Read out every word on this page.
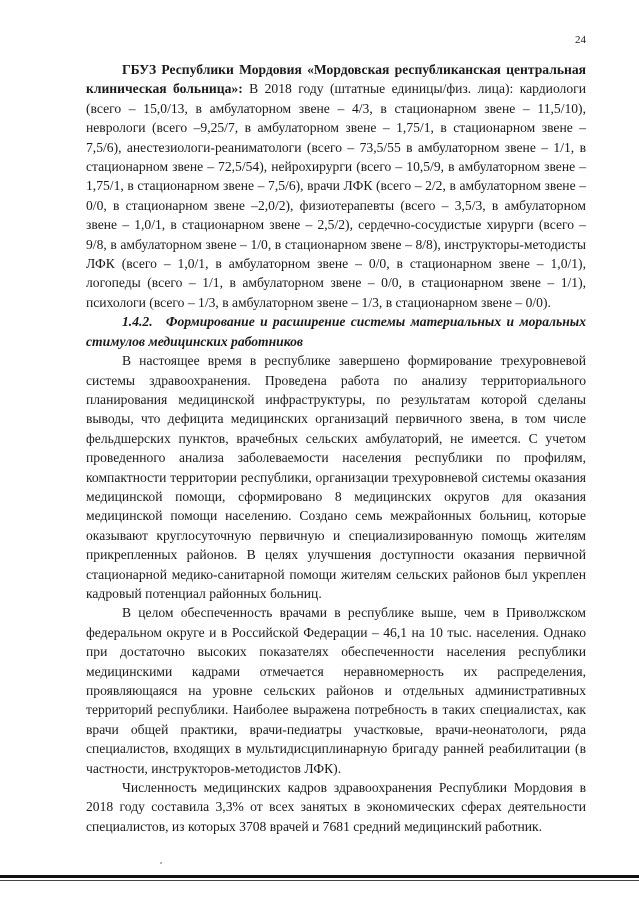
24

ГБУЗ Республики Мордовия «Мордовская республиканская центральная клиническая больница»: В 2018 году (штатные единицы/физ. лица): кардиологи (всего – 15,0/13, в амбулаторном звене – 4/3, в стационарном звене – 11,5/10), неврологи (всего –9,25/7, в амбулаторном звене – 1,75/1, в стационарном звене – 7,5/6), анестезиологи-реаниматологи (всего – 73,5/55 в амбулаторном звене – 1/1, в стационарном звене – 72,5/54), нейрохирурги (всего – 10,5/9, в амбулаторном звене – 1,75/1, в стационарном звене – 7,5/6), врачи ЛФК (всего – 2/2, в амбулаторном звене – 0/0, в стационарном звене –2,0/2), физиотерапевты (всего – 3,5/3, в амбулаторном звене – 1,0/1, в стационарном звене – 2,5/2), сердечно-сосудистые хирурги (всего – 9/8, в амбулаторном звене – 1/0, в стационарном звене – 8/8), инструкторы-методисты ЛФК (всего – 1,0/1, в амбулаторном звене – 0/0, в стационарном звене – 1,0/1), логопеды (всего – 1/1, в амбулаторном звене – 0/0, в стационарном звене – 1/1), психологи (всего – 1/3, в амбулаторном звене – 1/3, в стационарном звене – 0/0).

1.4.2. Формирование и расширение системы материальных и моральных стимулов медицинских работников

В настоящее время в республике завершено формирование трехуровневой системы здравоохранения. Проведена работа по анализу территориального планирования медицинской инфраструктуры, по результатам которой сделаны выводы, что дефицита медицинских организаций первичного звена, в том числе фельдшерских пунктов, врачебных сельских амбулаторий, не имеется. С учетом проведенного анализа заболеваемости населения республики по профилям, компактности территории республики, организации трехуровневой системы оказания медицинской помощи, сформировано 8 медицинских округов для оказания медицинской помощи населению. Создано семь межрайонных больниц, которые оказывают круглосуточную первичную и специализированную помощь жителям прикрепленных районов. В целях улучшения доступности оказания первичной стационарной медико-санитарной помощи жителям сельских районов был укреплен кадровый потенциал районных больниц.

В целом обеспеченность врачами в республике выше, чем в Приволжском федеральном округе и в Российской Федерации – 46,1 на 10 тыс. населения. Однако при достаточно высоких показателях обеспеченности населения республики медицинскими кадрами отмечается неравномерность их распределения, проявляющаяся на уровне сельских районов и отдельных административных территорий республики. Наиболее выражена потребность в таких специалистах, как врачи общей практики, врачи-педиатры участковые, врачи-неонатологи, ряда специалистов, входящих в мультидисциплинарную бригаду ранней реабилитации (в частности, инструкторов-методистов ЛФК).

Численность медицинских кадров здравоохранения Республики Мордовия в 2018 году составила 3,3% от всех занятых в экономических сферах деятельности специалистов, из которых 3708 врачей и 7681 средний медицинский работник.
